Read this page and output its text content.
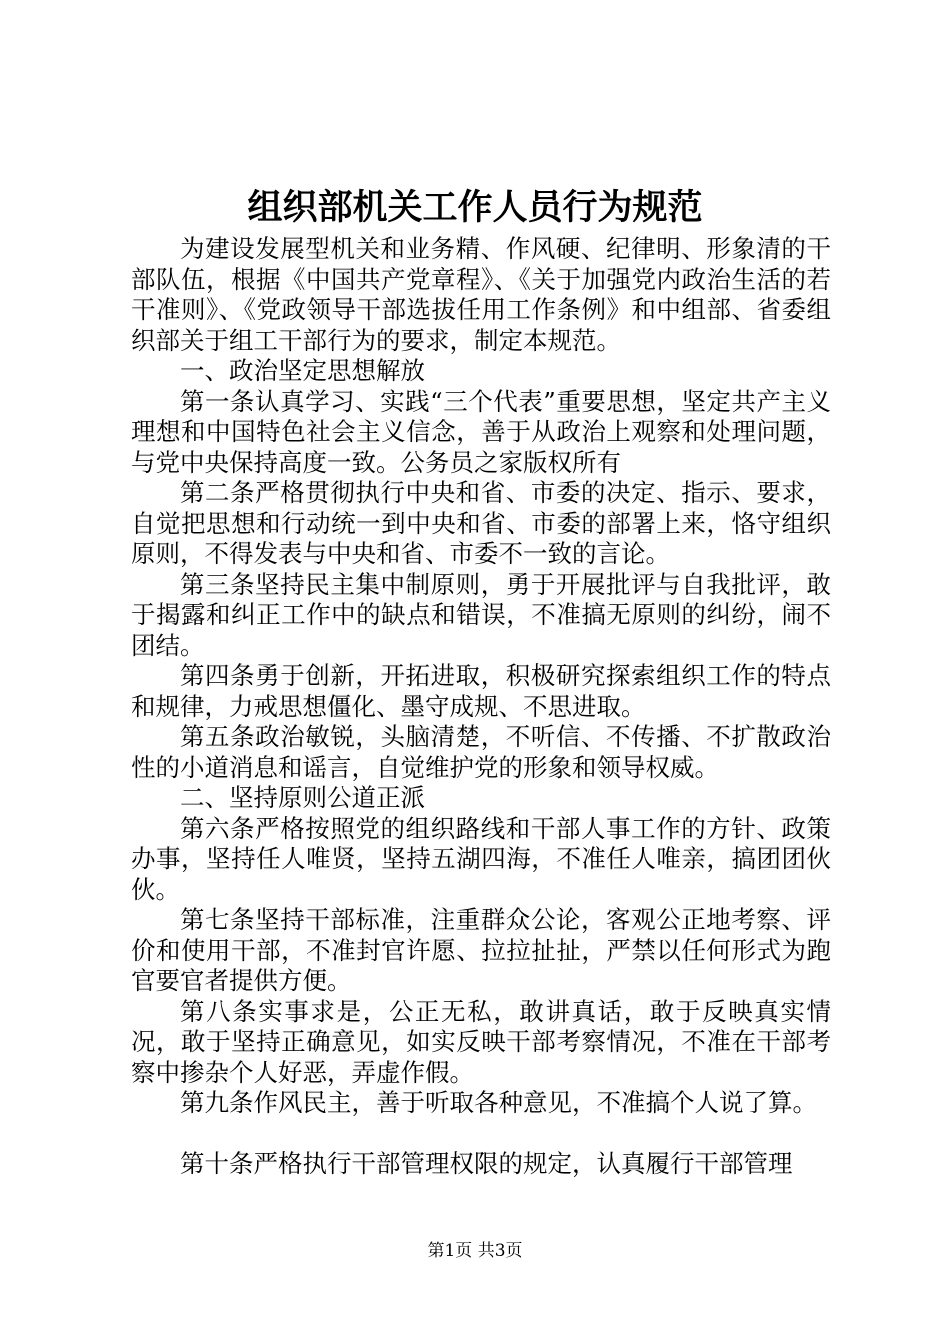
组织部机关工作人员行为规范

为建设发展型机关和业务精、作风硬、纪律明、形象清的干部队伍，根据《中国共产党章程》、《关于加强党内政治生活的若干准则》、《党政领导干部选拔任用工作条例》和中组部、省委组织部关于组工干部行为的要求，制定本规范。

一、政治坚定思想解放

第一条认真学习、实践“三个代表”重要思想，坚定共产主义理想和中国特色社会主义信念，善于从政治上观察和处理问题，与党中央保持高度一致。公务员之家版权所有

第二条严格贯彻执行中央和省、市委的决定、指示、要求，自觉把思想和行动统一到中央和省、市委的部署上来，恪守组织原则，不得发表与中央和省、市委不一致的言论。

第三条坚持民主集中制原则，勇于开展批评与自我批评，敢于揭露和纠正工作中的缺点和错误，不准搞无原则的纠纷，闹不团结。

第四条勇于创新，开拓进取，积极研究探索组织工作的特点和规律，力戒思想僵化、墨守成规、不思进取。

第五条政治敏锐，头脑清楚，不听信、不传播、不扩散政治性的小道消息和谣言，自觉维护党的形象和领导权威。

二、坚持原则公道正派

第六条严格按照党的组织路线和干部人事工作的方针、政策办事，坚持任人唯贤，坚持五湖四海，不准任人唯亲，搞团团伙伙。

第七条坚持干部标准，注重群众公论，客观公正地考察、评价和使用干部，不准封官许愿、拉拉扯扯，严禁以任何形式为跑官要官者提供方便。

第八条实事求是，公正无私，敢讲真话，敢于反映真实情况，敢于坚持正确意见，如实反映干部考察情况，不准在干部考察中掺杂个人好恶，弄虚作假。

第九条作风民主，善于听取各种意见，不准搞个人说了算。

第十条严格执行干部管理权限的规定，认真履行干部管理

第1页 共3页
